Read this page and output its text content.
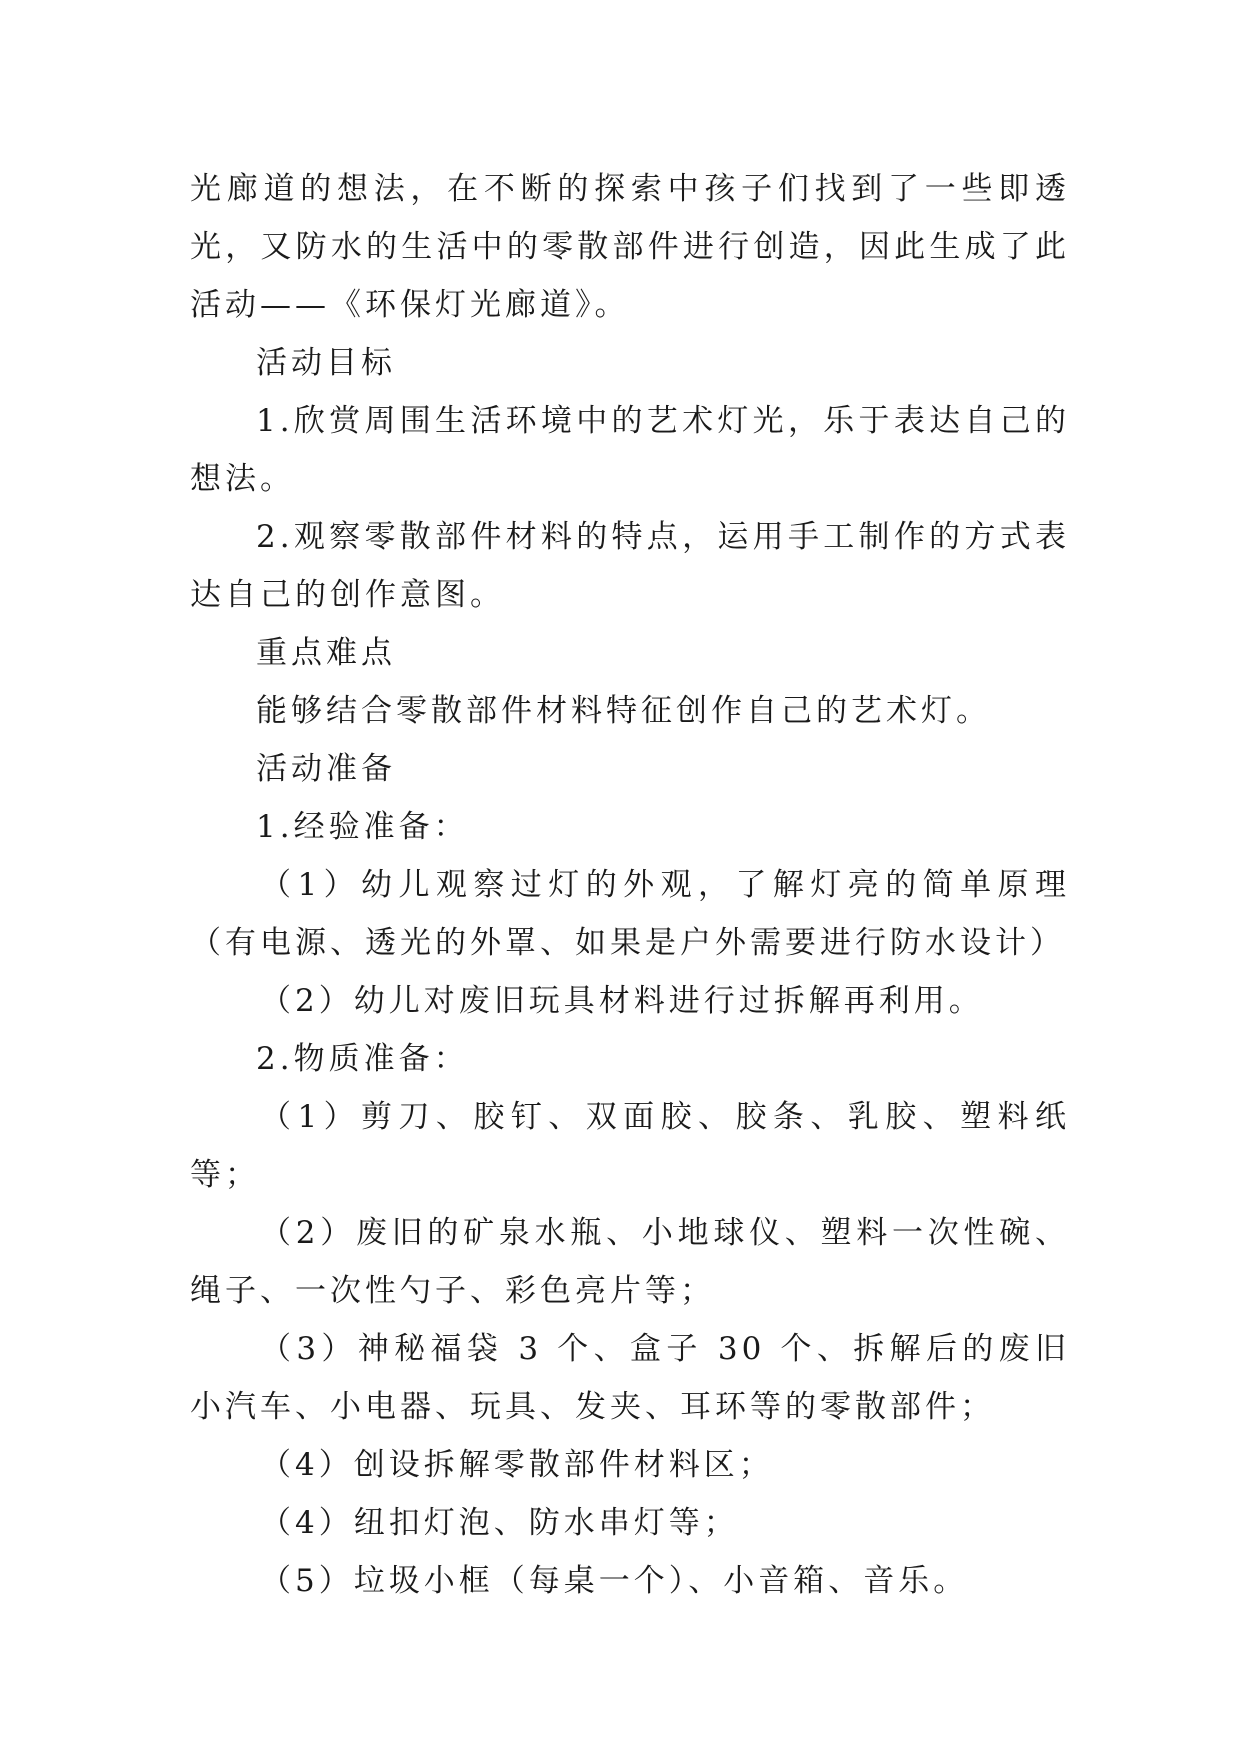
光廊道的想法，在不断的探索中孩子们找到了一些即透光，又防水的生活中的零散部件进行创造，因此生成了此活动——《环保灯光廊道》。

活动目标

1.欣赏周围生活环境中的艺术灯光，乐于表达自己的想法。

2.观察零散部件材料的特点，运用手工制作的方式表达自己的创作意图。

重点难点

能够结合零散部件材料特征创作自己的艺术灯。

活动准备

1.经验准备：

（1）幼儿观察过灯的外观，了解灯亮的简单原理（有电源、透光的外罩、如果是户外需要进行防水设计）

（2）幼儿对废旧玩具材料进行过拆解再利用。

2.物质准备：

（1）剪刀、胶钉、双面胶、胶条、乳胶、塑料纸等；

（2）废旧的矿泉水瓶、小地球仪、塑料一次性碗、绳子、一次性勺子、彩色亮片等；

（3）神秘福袋 3 个、盒子 30 个、拆解后的废旧小汽车、小电器、玩具、发夹、耳环等的零散部件；

（4）创设拆解零散部件材料区；

（4）纽扣灯泡、防水串灯等；

（5）垃圾小框（每桌一个）、小音箱、音乐。
